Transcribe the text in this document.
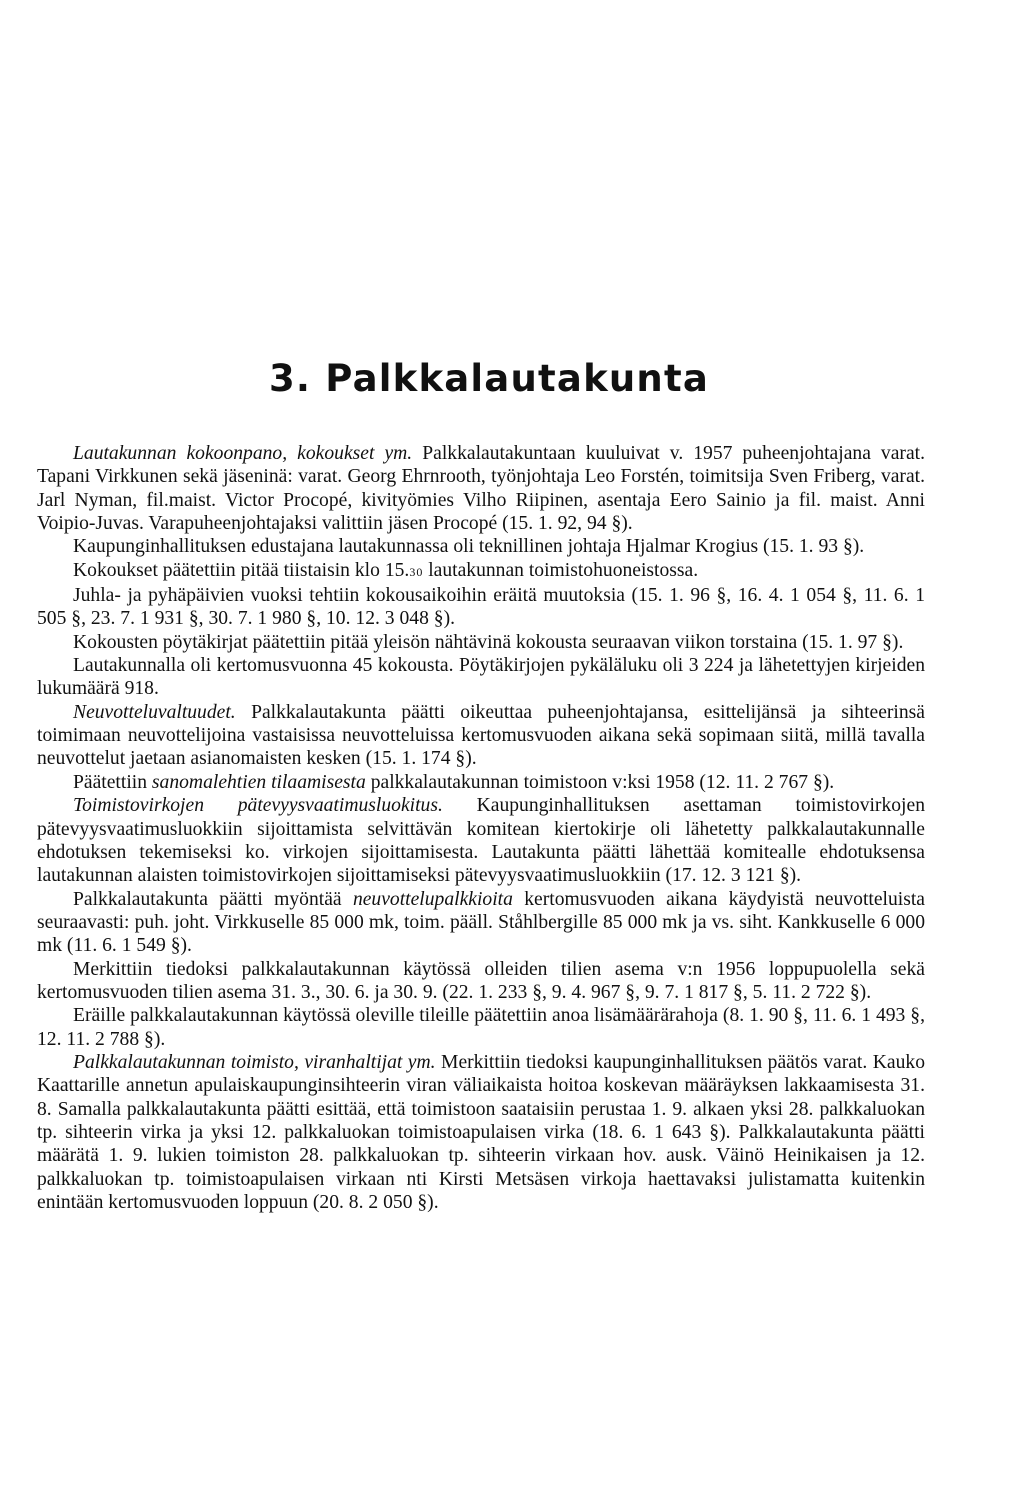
3. Palkkalautakunta

Lautakunnan kokoonpano, kokoukset ym. Palkkalautakuntaan kuuluivat v. 1957 puheenjohtajana varat. Tapani Virkkunen sekä jäseninä: varat. Georg Ehrnrooth, työnjohtaja Leo Forstén, toimitsija Sven Friberg, varat. Jarl Nyman, fil.maist. Victor Procopé, kivityömies Vilho Riipinen, asentaja Eero Sainio ja fil. maist. Anni Voipio-Juvas. Varapuheenjohtajaksi valittiin jäsen Procopé (15. 1. 92, 94 §).

Kaupunginhallituksen edustajana lautakunnassa oli teknillinen johtaja Hjalmar Krogius (15. 1. 93 §).

Kokoukset päätettiin pitää tiistaisin klo 15.30 lautakunnan toimistohuoneistossa.

Juhla- ja pyhäpäivien vuoksi tehtiin kokousaikoihin eräitä muutoksia (15. 1. 96 §, 16. 4. 1 054 §, 11. 6. 1 505 §, 23. 7. 1 931 §, 30. 7. 1 980 §, 10. 12. 3 048 §).

Kokousten pöytäkirjat päätettiin pitää yleisön nähtävinä kokousta seuraavan viikon torstaina (15. 1. 97 §).

Lautakunnalla oli kertomusvuonna 45 kokousta. Pöytäkirjojen pykäläluku oli 3 224 ja lähetettyjen kirjeiden lukumäärä 918.

Neuvotteluvaltuudet. Palkkalautakunta päätti oikeuttaa puheenjohtajansa, esittelijänsä ja sihteerinsä toimimaan neuvottelijoina vastaisissa neuvotteluissa kertomusvuoden aikana sekä sopimaan siitä, millä tavalla neuvottelut jaetaan asianomaisten kesken (15. 1. 174 §).

Päätettiin sanomalehtien tilaamisesta palkkalautakunnan toimistoon v:ksi 1958 (12. 11. 2 767 §).

Toimistovirkojen pätevyysvaatimusluokitus. Kaupunginhallituksen asettaman toimistovirkojen pätevyysvaatimusluokkiin sijoittamista selvittävän komitean kiertokirje oli lähetetty palkkalautakunnalle ehdotuksen tekemiseksi ko. virkojen sijoittamisesta. Lautakunta päätti lähettää komitealle ehdotuksensa lautakunnan alaisten toimistovirkojen sijoittamiseksi pätevyysvaatimusluokkiin (17. 12. 3 121 §).

Palkkalautakunta päätti myöntää neuvottelupalkkioita kertomusvuoden aikana käydyistä neuvotteluista seuraavasti: puh. joht. Virkkuselle 85 000 mk, toim. pääll. Ståhlbergille 85 000 mk ja vs. siht. Kankkuselle 6 000 mk (11. 6. 1 549 §).

Merkittiin tiedoksi palkkalautakunnan käytössä olleiden tilien asema v:n 1956 loppupuolella sekä kertomusvuoden tilien asema 31. 3., 30. 6. ja 30. 9. (22. 1. 233 §, 9. 4. 967 §, 9. 7. 1 817 §, 5. 11. 2 722 §).

Eräille palkkalautakunnan käytössä oleville tileille päätettiin anoa lisämäärärahoja (8. 1. 90 §, 11. 6. 1 493 §, 12. 11. 2 788 §).

Palkkalautakunnan toimisto, viranhaltijat ym. Merkittiin tiedoksi kaupunginhallituksen päätös varat. Kauko Kaattarille annetun apulaiskaupunginsihteerin viran väliaikaista hoitoa koskevan määräyksen lakkaamisesta 31. 8. Samalla palkkalautakunta päätti esittää, että toimistoon saataisiin perustaa 1. 9. alkaen yksi 28. palkkaluokan tp. sihteerin virka ja yksi 12. palkkaluokan toimistoapulaisen virka (18. 6. 1 643 §). Palkkalautakunta päätti määrätä 1. 9. lukien toimiston 28. palkkaluokan tp. sihteerin virkaan hov. ausk. Väinö Heinikaisen ja 12. palkkaluokan tp. toimistoapulaisen virkaan nti Kirsti Metsäsen virkoja haettavaksi julistamatta kuitenkin enintään kertomusvuoden loppuun (20. 8. 2 050 §).
